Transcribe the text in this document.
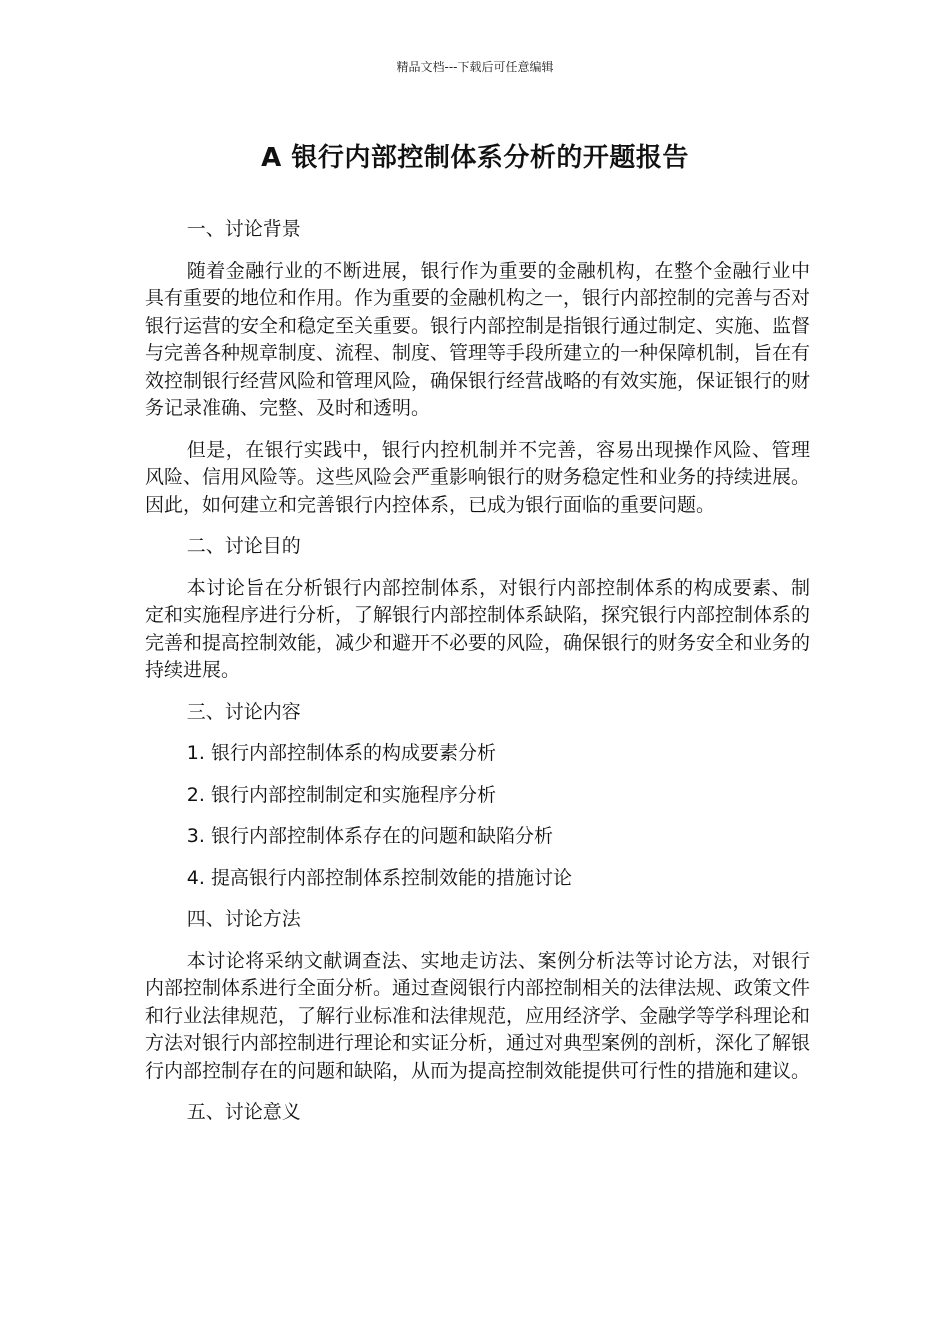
精品文档---下载后可任意编辑
A 银行内部控制体系分析的开题报告

一、讨论背景

随着金融行业的不断进展，银行作为重要的金融机构，在整个金融行业中具有重要的地位和作用。作为重要的金融机构之一，银行内部控制的完善与否对银行运营的安全和稳定至关重要。银行内部控制是指银行通过制定、实施、监督与完善各种规章制度、流程、制度、管理等手段所建立的一种保障机制，旨在有效控制银行经营风险和管理风险，确保银行经营战略的有效实施，保证银行的财务记录准确、完整、及时和透明。

但是，在银行实践中，银行内控机制并不完善，容易出现操作风险、管理风险、信用风险等。这些风险会严重影响银行的财务稳定性和业务的持续进展。因此，如何建立和完善银行内控体系，已成为银行面临的重要问题。

二、讨论目的

本讨论旨在分析银行内部控制体系，对银行内部控制体系的构成要素、制定和实施程序进行分析，了解银行内部控制体系缺陷，探究银行内部控制体系的完善和提高控制效能，减少和避开不必要的风险，确保银行的财务安全和业务的持续进展。

三、讨论内容

1. 银行内部控制体系的构成要素分析

2. 银行内部控制制定和实施程序分析

3. 银行内部控制体系存在的问题和缺陷分析

4. 提高银行内部控制体系控制效能的措施讨论

四、讨论方法

本讨论将采纳文献调查法、实地走访法、案例分析法等讨论方法，对银行内部控制体系进行全面分析。通过查阅银行内部控制相关的法律法规、政策文件和行业法律规范，了解行业标准和法律规范，应用经济学、金融学等学科理论和方法对银行内部控制进行理论和实证分析，通过对典型案例的剖析，深化了解银行内部控制存在的问题和缺陷，从而为提高控制效能提供可行性的措施和建议。

五、讨论意义
